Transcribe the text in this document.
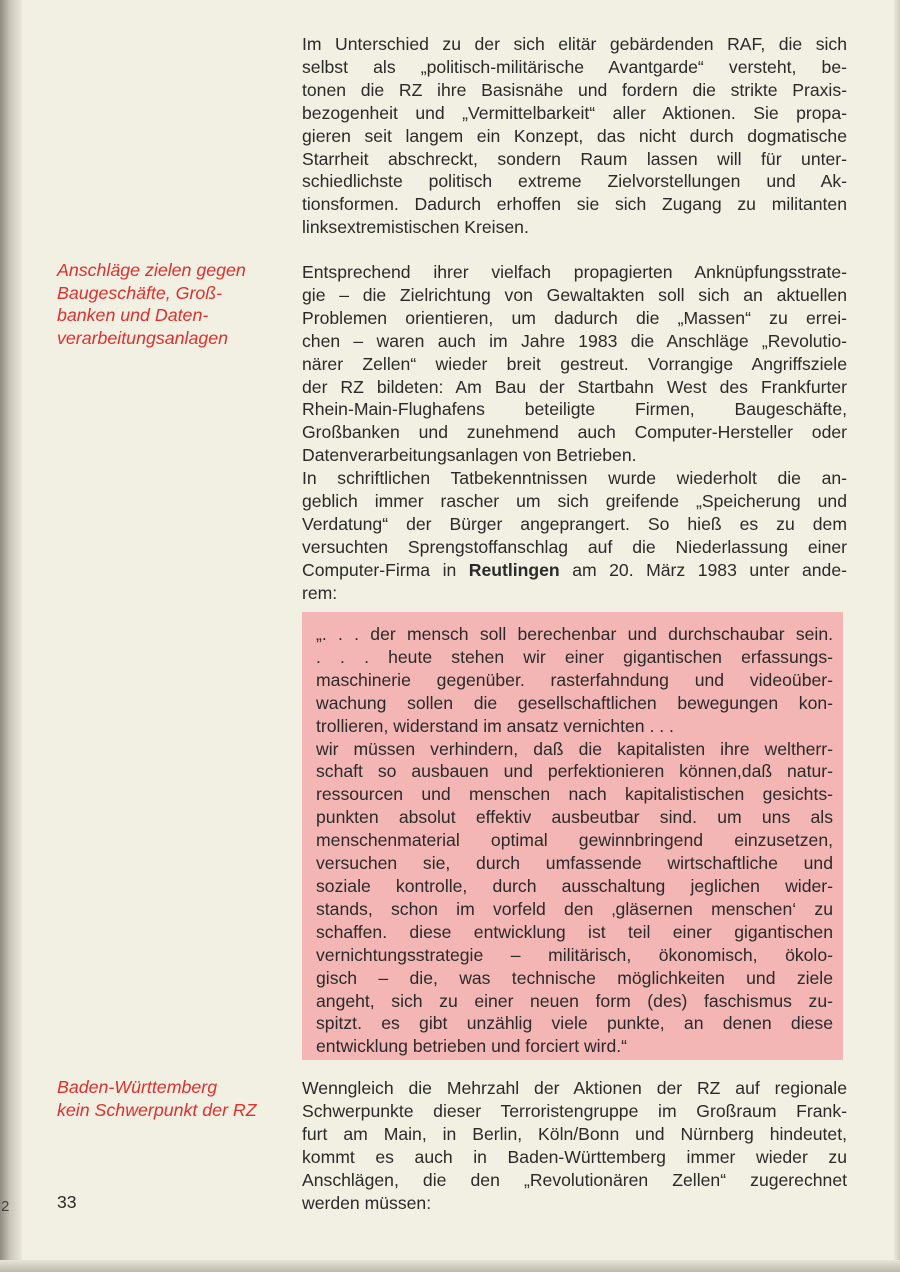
Im Unterschied zu der sich elitär gebärdenden RAF, die sich
selbst als „politisch-militärische Avantgarde“ versteht, be-
tonen die RZ ihre Basisnähe und fordern die strikte Praxis-
bezogenheit und „Vermittelbarkeit“ aller Aktionen. Sie propa-
gieren seit langem ein Konzept, das nicht durch dogmatische
Starrheit abschreckt, sondern Raum lassen will für unter-
schiedlichste politisch extreme Zielvorstellungen und Ak-
tionsformen. Dadurch erhoffen sie sich Zugang zu militanten
linksextremistischen Kreisen.
Anschläge zielen gegen
Baugeschäfte, Groß-
banken und Daten-
verarbeitungsanlagen
Entsprechend ihrer vielfach propagierten Anknüpfungsstrate-
gie – die Zielrichtung von Gewaltakten soll sich an aktuellen
Problemen orientieren, um dadurch die „Massen“ zu errei-
chen – waren auch im Jahre 1983 die Anschläge „Revolutio-
närer Zellen“ wieder breit gestreut. Vorrangige Angriffsziele
der RZ bildeten: Am Bau der Startbahn West des Frankfurter
Rhein-Main-Flughafens beteiligte Firmen, Baugeschäfte,
Großbanken und zunehmend auch Computer-Hersteller oder
Datenverarbeitungsanlagen von Betrieben.
In schriftlichen Tatbekenntnissen wurde wiederholt die an-
geblich immer rascher um sich greifende „Speicherung und
Verdatung“ der Bürger angeprangert. So hieß es zu dem
versuchten Sprengstoffanschlag auf die Niederlassung einer
Computer-Firma in Reutlingen am 20. März 1983 unter ande-
rem:
„. . . der mensch soll berechenbar und durchschaubar sein.
. . . heute stehen wir einer gigantischen erfassungs-
maschinerie gegenüber. rasterfahndung und videoüber-
wachung sollen die gesellschaftlichen bewegungen kon-
trollieren, widerstand im ansatz vernichten . . .
wir müssen verhindern, daß die kapitalisten ihre weltherr-
schaft so ausbauen und perfektionieren können,daß natur-
ressourcen und menschen nach kapitalistischen gesichts-
punkten absolut effektiv ausbeutbar sind. um uns als
menschenmaterial optimal gewinnbringend einzusetzen,
versuchen sie, durch umfassende wirtschaftliche und
soziale kontrolle, durch ausschaltung jeglichen wider-
stands, schon im vorfeld den ‚gläsernen menschen‘ zu
schaffen. diese entwicklung ist teil einer gigantischen
vernichtungsstrategie – militärisch, ökonomisch, ökolo-
gisch – die, was technische möglichkeiten und ziele
angeht, sich zu einer neuen form (des) faschismus zu-
spitzt. es gibt unzählig viele punkte, an denen diese
entwicklung betrieben und forciert wird.“
Baden-Württemberg
kein Schwerpunkt der RZ
Wenngleich die Mehrzahl der Aktionen der RZ auf regionale
Schwerpunkte dieser Terroristengruppe im Großraum Frank-
furt am Main, in Berlin, Köln/Bonn und Nürnberg hindeutet,
kommt es auch in Baden-Württemberg immer wieder zu
Anschlägen, die den „Revolutionären Zellen“ zugerechnet
werden müssen:
33
2
